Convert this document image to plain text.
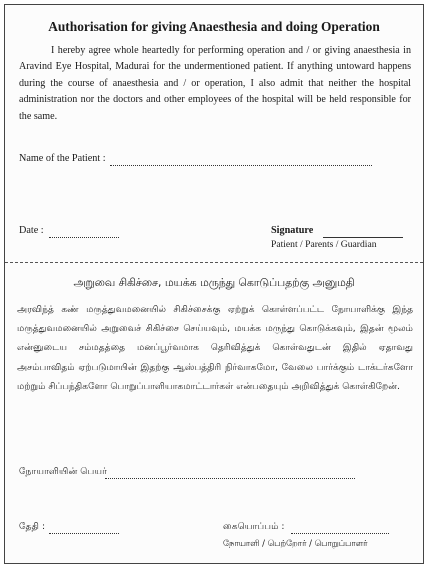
Authorisation for giving Anaesthesia and doing Operation
I hereby agree whole heartedly for performing operation and / or giving anaesthesia in Aravind Eye Hospital, Madurai for the undermentioned patient. If anything untoward happens during the course of anaesthesia and / or operation, I also admit that neither the hospital administration nor the doctors and other employees of the hospital will be held responsible for the same.
Name of the Patient :
Date :	Signature
Patient / Parents / Guardian
அறுவை சிகிச்சை, மயக்க மருந்து கொடுப்பதற்கு அனுமதி
அரவிந்த் கண் மருத்துவமனையில் சிகிச்சைக்கு ஏற்றுக் கொள்ளப்பட்ட நோயாளிக்கு இந்த மருத்துவமனையில் அறுவைச் சிகிச்சை செய்யவும், மயக்க மருந்து கொடுக்கவும், இதன் மூலம் என்னுடைய சம்மதத்தை மனப்பூர்வமாக தெரிவித்துக் கொள்வதுடன் இதில் ஏதாவது அசம்பாவிதம் ஏற்படுமாயின் இதற்கு ஆஸ்பத்திரி நிர்வாகமோ, வேலை பார்க்கும் டாக்டர்களோ மற்றும் சிப்பந்திகளோ பொறுப்பாளியாகமாட்டார்கள் என்பதையும் அறிவித்துக் கொள்கிறேன்.
நோயாளியின் பெயர்
தேதி :	கையொப்பம் :
நோயாளி / பெற்றோர் / பொறுப்பாளர்
